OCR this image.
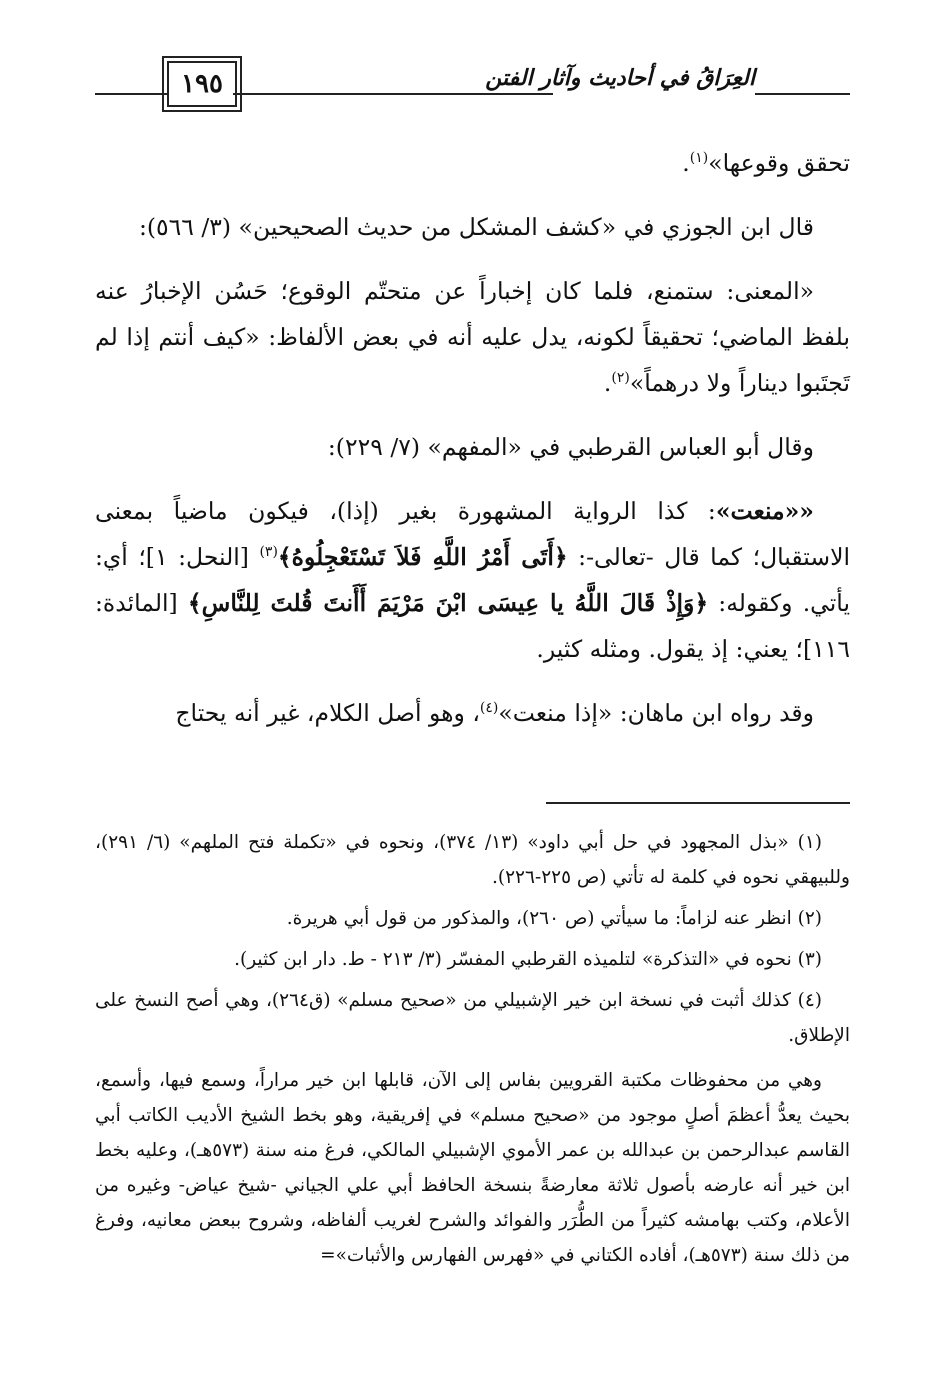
العِرَاقُ في أحاديث وآثار الفتن
١٩٥

تحقق وقوعها»$^{(١)}$.

قال ابن الجوزي في «كشف المشكل من حديث الصحيحين» (٣/ ٥٦٦):

«المعنى: ستمنع، فلما كان إخباراً عن متحتّم الوقوع؛ حَسُن الإخبارُ عنه بلفظ الماضي؛ تحقيقاً لكونه، يدل عليه أنه في بعض الألفاظ: «كيف أنتم إذا لم تَجتَبوا ديناراً ولا درهماً»$^{(٢)}$.

وقال أبو العباس القرطبي في «المفهم» (٧/ ٢٢٩):

««منعت»: كذا الرواية المشهورة بغير (إذا)، فيكون ماضياً بمعنى الاستقبال؛ كما قال -تعالى-: ﴿أَتَى أَمْرُ اللَّهِ فَلاَ تَسْتَعْجِلُوهُ﴾$^{(٣)}$ [النحل: ١]؛ أي: يأتي. وكقوله: ﴿وَإِذْ قَالَ اللَّهُ يا عِيسَى ابْنَ مَرْيَمَ أَأَنتَ قُلتَ لِلنَّاسِ﴾ [المائدة: ١١٦]؛ يعني: إذ يقول. ومثله كثير.

وقد رواه ابن ماهان: «إذا منعت»$^{(٤)}$، وهو أصل الكلام، غير أنه يحتاج

(١) «بذل المجهود في حل أبي داود» (١٣/ ٣٧٤)، ونحوه في «تكملة فتح الملهم» (٦/ ٢٩١)، وللبيهقي نحوه في كلمة له تأتي (ص ٢٢٥-٢٢٦).

(٢) انظر عنه لزاماً: ما سيأتي (ص ٢٦٠)، والمذكور من قول أبي هريرة.

(٣) نحوه في «التذكرة» لتلميذه القرطبي المفسّر (٣/ ٢١٣ - ط. دار ابن كثير).

(٤) كذلك أثبت في نسخة ابن خير الإشبيلي من «صحيح مسلم» (ق٢٦٤)، وهي أصح النسخ على الإطلاق.

وهي من محفوظات مكتبة القرويين بفاس إلى الآن، قابلها ابن خير مراراً، وسمع فيها، وأسمع، بحيث يعدُّ أعظمَ أصلٍ موجود من «صحيح مسلم» في إفريقية، وهو بخط الشيخ الأديب الكاتب أبي القاسم عبدالرحمن بن عبدالله بن عمر الأموي الإشبيلي المالكي، فرغ منه سنة (٥٧٣هـ)، وعليه بخط ابن خير أنه عارضه بأصول ثلاثة معارضةً بنسخة الحافظ أبي علي الجياني -شيخ عياض- وغيره من الأعلام، وكتب بهامشه كثيراً من الطُّرَر والفوائد والشرح لغريب ألفاظه، وشروح ببعض معانيه، وفرغ من ذلك سنة (٥٧٣هـ)، أفاده الكتاني في «فهرس الفهارس والأثبات»=
